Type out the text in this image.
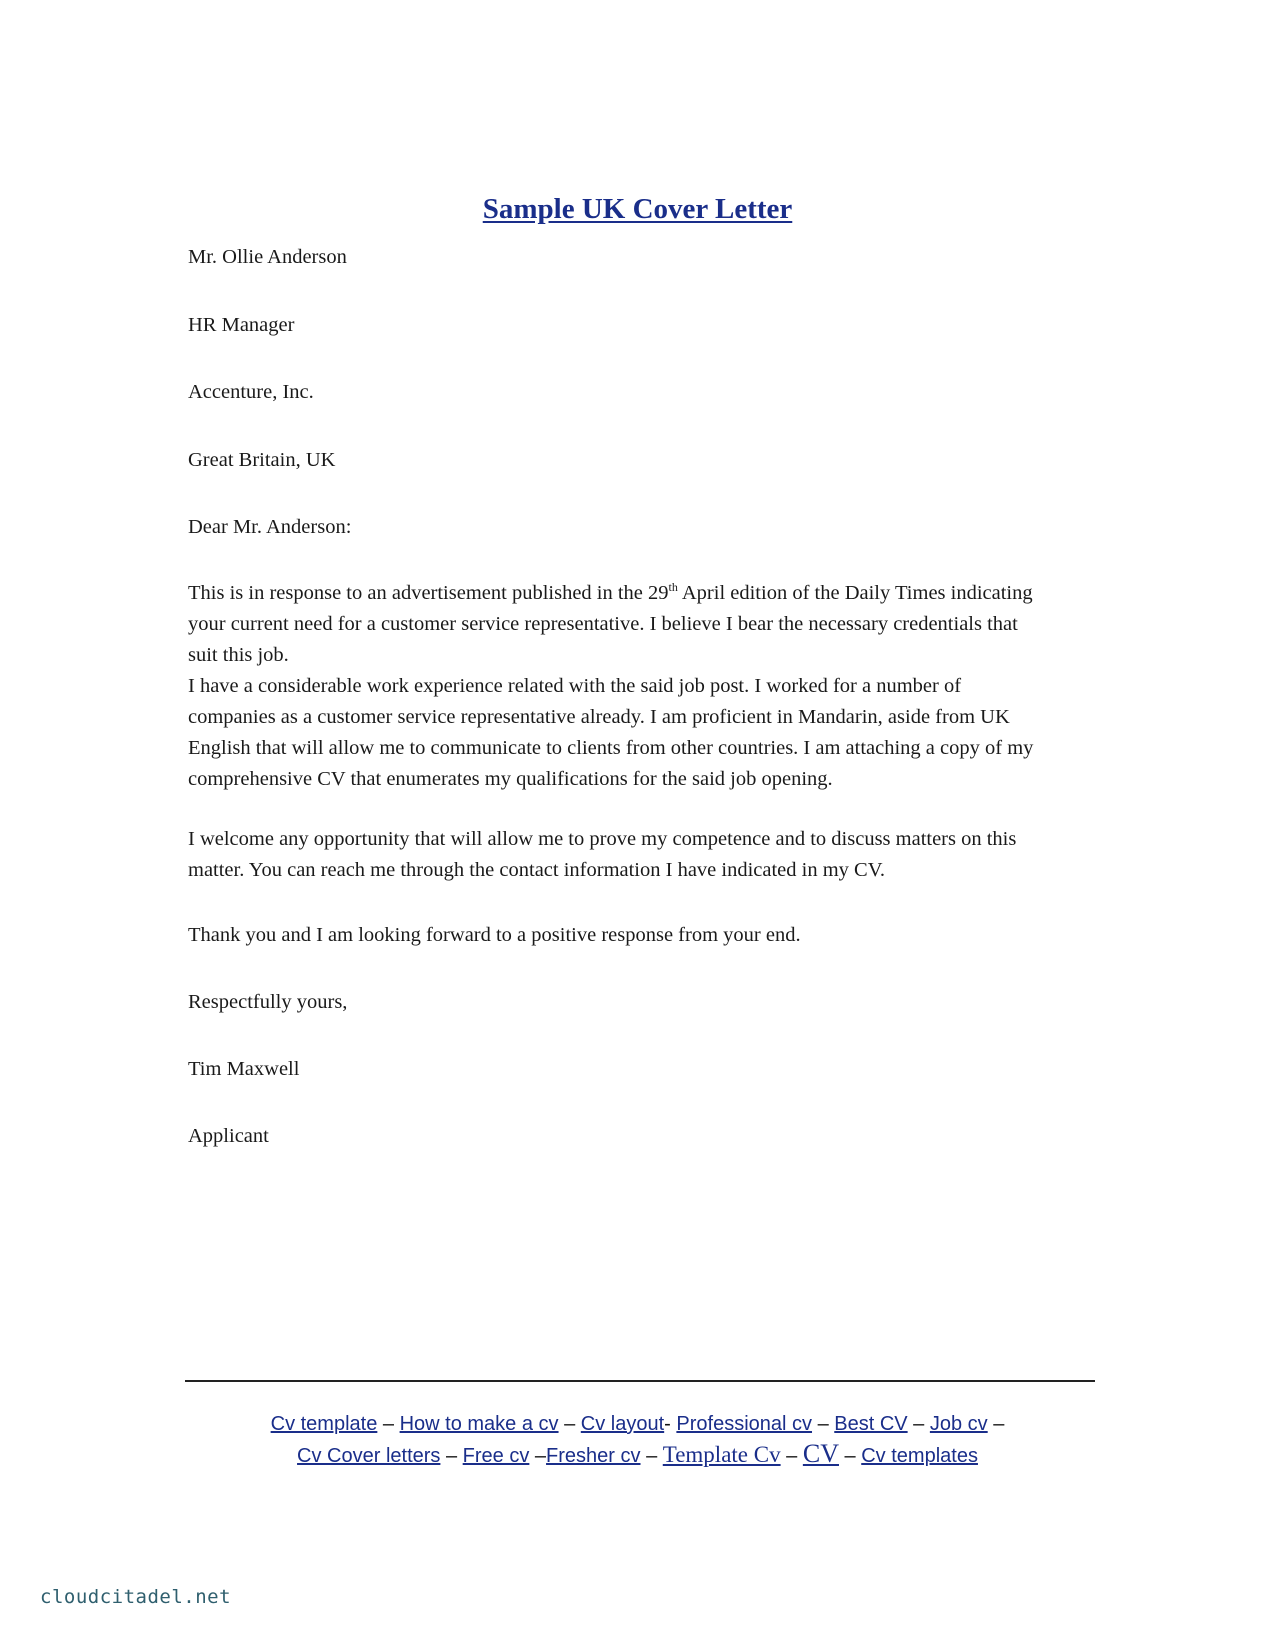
Sample UK Cover Letter
Mr. Ollie Anderson
HR Manager
Accenture, Inc.
Great Britain, UK
Dear Mr. Anderson:
This is in response to an advertisement published in the 29th April edition of the Daily Times indicating
your current need for a customer service representative. I believe I bear the necessary credentials that
suit this job.
I have a considerable work experience related with the said job post. I worked for a number of
companies as a customer service representative already. I am proficient in Mandarin, aside from UK
English that will allow me to communicate to clients from other countries. I am attaching a copy of my
comprehensive CV that enumerates my qualifications for the said job opening.
I welcome any opportunity that will allow me to prove my competence and to discuss matters on this
matter. You can reach me through the contact information I have indicated in my CV.
Thank you and I am looking forward to a positive response from your end.
Respectfully yours,
Tim Maxwell
Applicant
Cv template – How to make a cv – Cv layout- Professional cv – Best CV – Job cv –
Cv Cover letters – Free cv –Fresher cv – Template Cv – CV – Cv templates
cloudcitadel.net
